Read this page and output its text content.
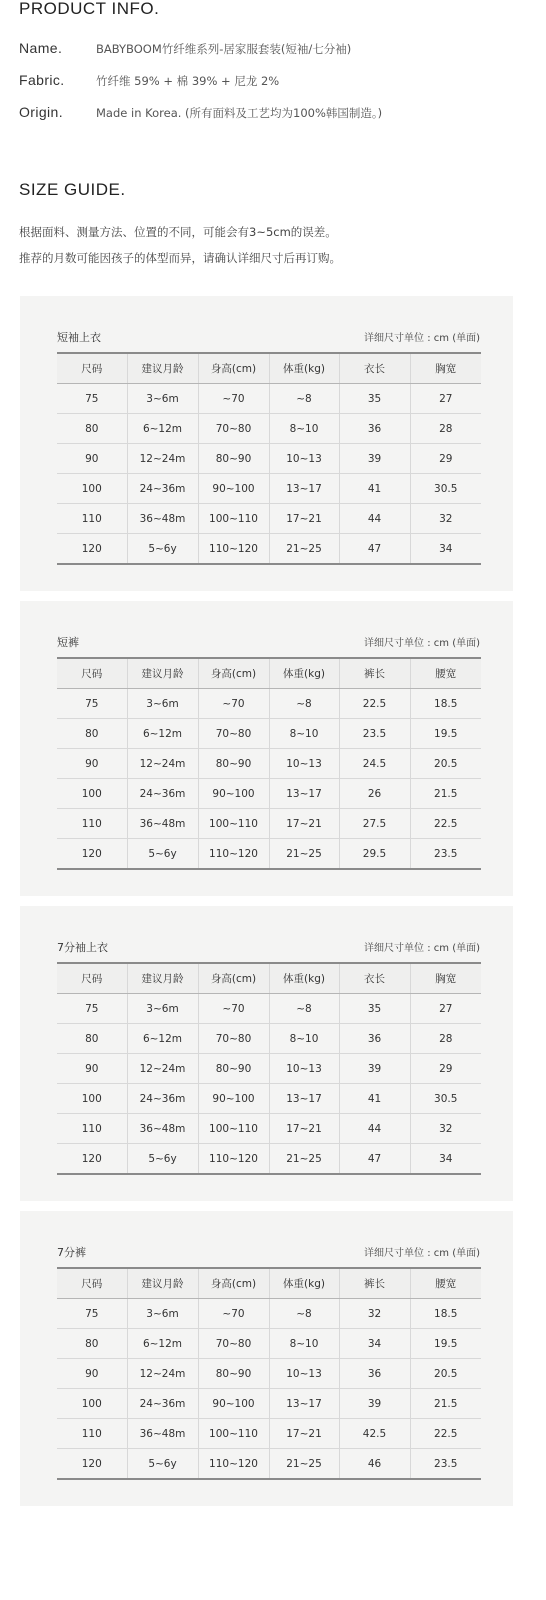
PRODUCT INFO.
Name.	BABYBOOM竹纤维系列-居家服套装(短袖/七分袖)
Fabric.	竹纤维 59% + 棉 39% + 尼龙 2%
Origin.	Made in Korea. (所有面料及工艺均为100%韩国制造。)
SIZE GUIDE.
根据面料、测量方法、位置的不同，可能会有3~5cm的误差。
推荐的月数可能因孩子的体型而异，请确认详细尺寸后再订购。
短袖上衣	详细尺寸单位 : cm (单面)
尺码	建议月龄	身高(cm)	体重(kg)	衣长	胸宽
75	3~6m	~70	~8	35	27
80	6~12m	70~80	8~10	36	28
90	12~24m	80~90	10~13	39	29
100	24~36m	90~100	13~17	41	30.5
110	36~48m	100~110	17~21	44	32
120	5~6y	110~120	21~25	47	34
短裤	详细尺寸单位 : cm (单面)
尺码	建议月龄	身高(cm)	体重(kg)	裤长	腰宽
75	3~6m	~70	~8	22.5	18.5
80	6~12m	70~80	8~10	23.5	19.5
90	12~24m	80~90	10~13	24.5	20.5
100	24~36m	90~100	13~17	26	21.5
110	36~48m	100~110	17~21	27.5	22.5
120	5~6y	110~120	21~25	29.5	23.5
7分袖上衣	详细尺寸单位 : cm (单面)
尺码	建议月龄	身高(cm)	体重(kg)	衣长	胸宽
75	3~6m	~70	~8	35	27
80	6~12m	70~80	8~10	36	28
90	12~24m	80~90	10~13	39	29
100	24~36m	90~100	13~17	41	30.5
110	36~48m	100~110	17~21	44	32
120	5~6y	110~120	21~25	47	34
7分裤	详细尺寸单位 : cm (单面)
尺码	建议月龄	身高(cm)	体重(kg)	裤长	腰宽
75	3~6m	~70	~8	32	18.5
80	6~12m	70~80	8~10	34	19.5
90	12~24m	80~90	10~13	36	20.5
100	24~36m	90~100	13~17	39	21.5
110	36~48m	100~110	17~21	42.5	22.5
120	5~6y	110~120	21~25	46	23.5
